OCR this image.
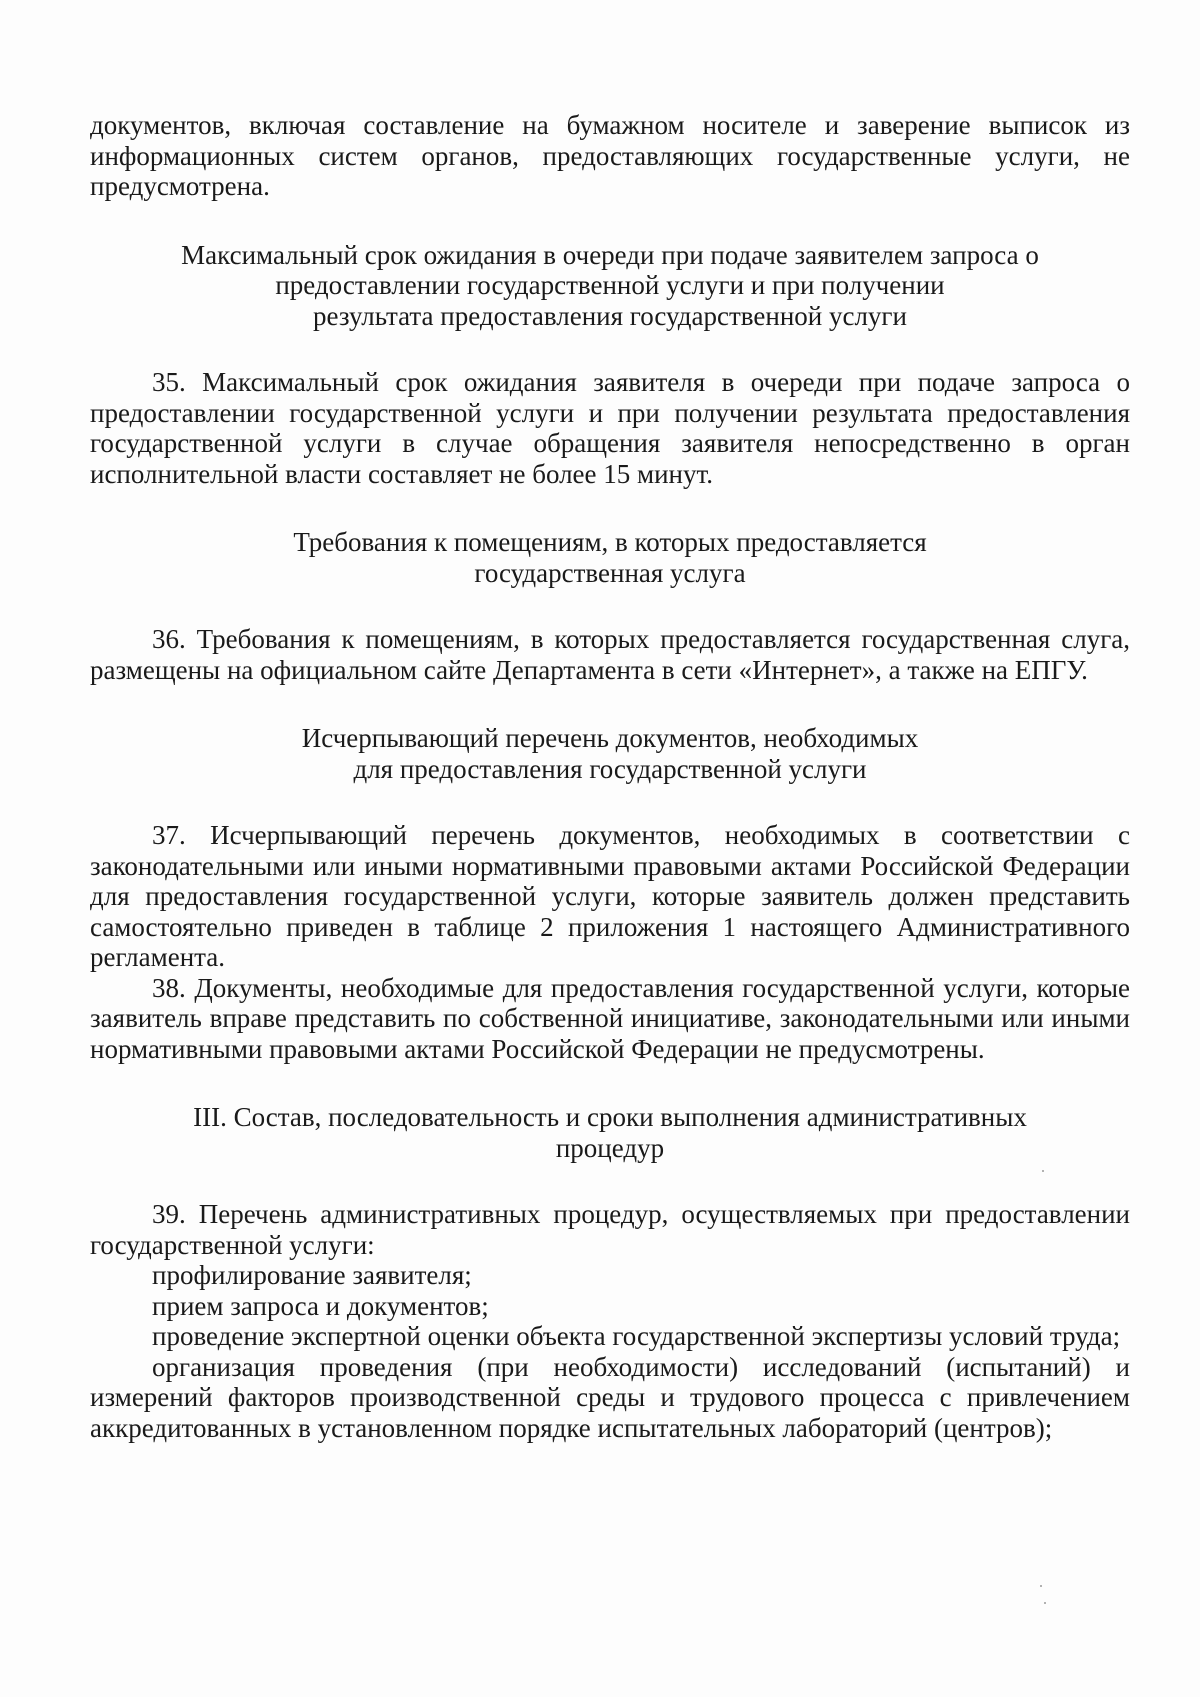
документов, включая составление на бумажном носителе и заверение выписок из информационных систем органов, предоставляющих государственные услуги, не предусмотрена.

Максимальный срок ожидания в очереди при подаче заявителем запроса о
предоставлении государственной услуги и при получении
результата предоставления государственной услуги

35. Максимальный срок ожидания заявителя в очереди при подаче запроса о предоставлении государственной услуги и при получении результата предоставления государственной услуги в случае обращения заявителя непосредственно в орган исполнительной власти составляет не более 15 минут.

Требования к помещениям, в которых предоставляется
государственная услуга

36. Требования к помещениям, в которых предоставляется государственная слуга, размещены на официальном сайте Департамента в сети «Интернет», а также на ЕПГУ.

Исчерпывающий перечень документов, необходимых
для предоставления государственной услуги

37. Исчерпывающий перечень документов, необходимых в соответствии с законодательными или иными нормативными правовыми актами Российской Федерации для предоставления государственной услуги, которые заявитель должен представить самостоятельно приведен в таблице 2 приложения 1 настоящего Административного регламента.

38. Документы, необходимые для предоставления государственной услуги, которые заявитель вправе представить по собственной инициативе, законодательными или иными нормативными правовыми актами Российской Федерации не предусмотрены.

III. Состав, последовательность и сроки выполнения административных
процедур

39. Перечень административных процедур, осуществляемых при предоставлении государственной услуги:

профилирование заявителя;

прием запроса и документов;

проведение экспертной оценки объекта государственной экспертизы условий труда;

организация проведения (при необходимости) исследований (испытаний) и измерений факторов производственной среды и трудового процесса с привлечением аккредитованных в установленном порядке испытательных лабораторий (центров);
